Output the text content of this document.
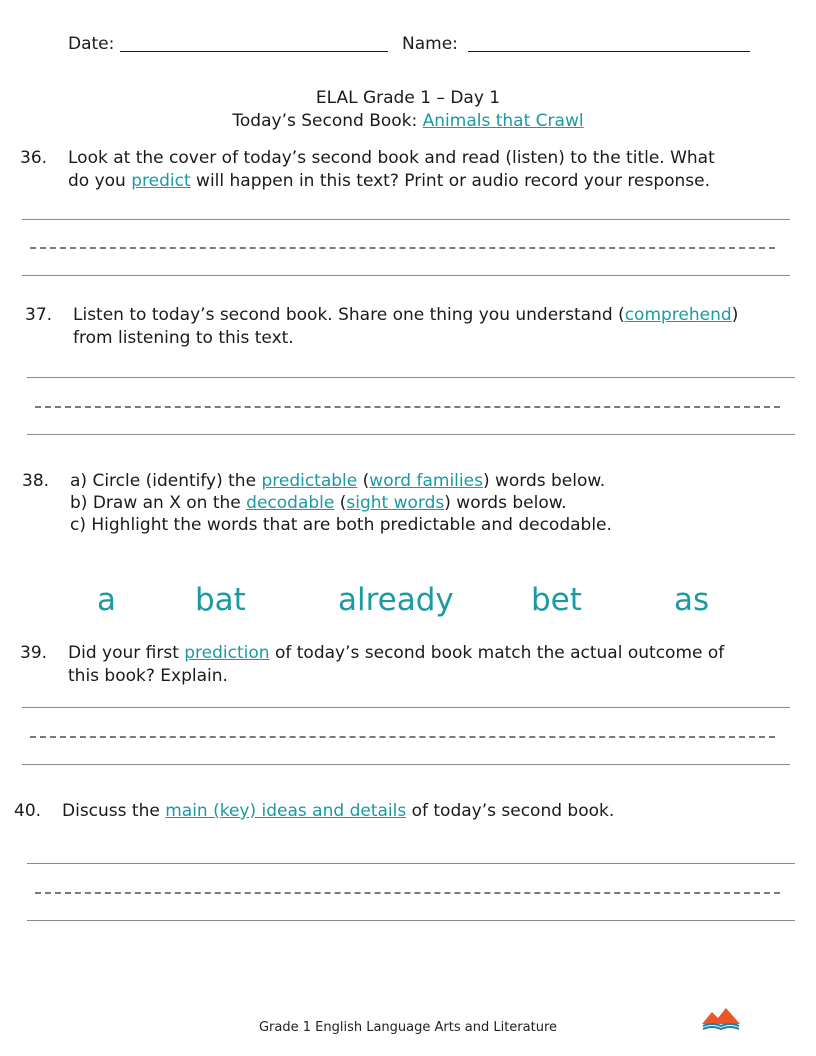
Date:	Name:
ELAL Grade 1 – Day 1
Today’s Second Book: Animals that Crawl
36. Look at the cover of today’s second book and read (listen) to the title. What
do you predict will happen in this text? Print or audio record your response.
37. Listen to today’s second book. Share one thing you understand (comprehend)
from listening to this text.
38. a) Circle (identify) the predictable (word families) words below.
b) Draw an X on the decodable (sight words) words below.
c) Highlight the words that are both predictable and decodable.
a	bat	already bet	as
39. Did your first prediction of today’s second book match the actual outcome of
this book? Explain.
40. Discuss the main (key) ideas and details of today’s second book.
Grade 1 English Language Arts and Literature
